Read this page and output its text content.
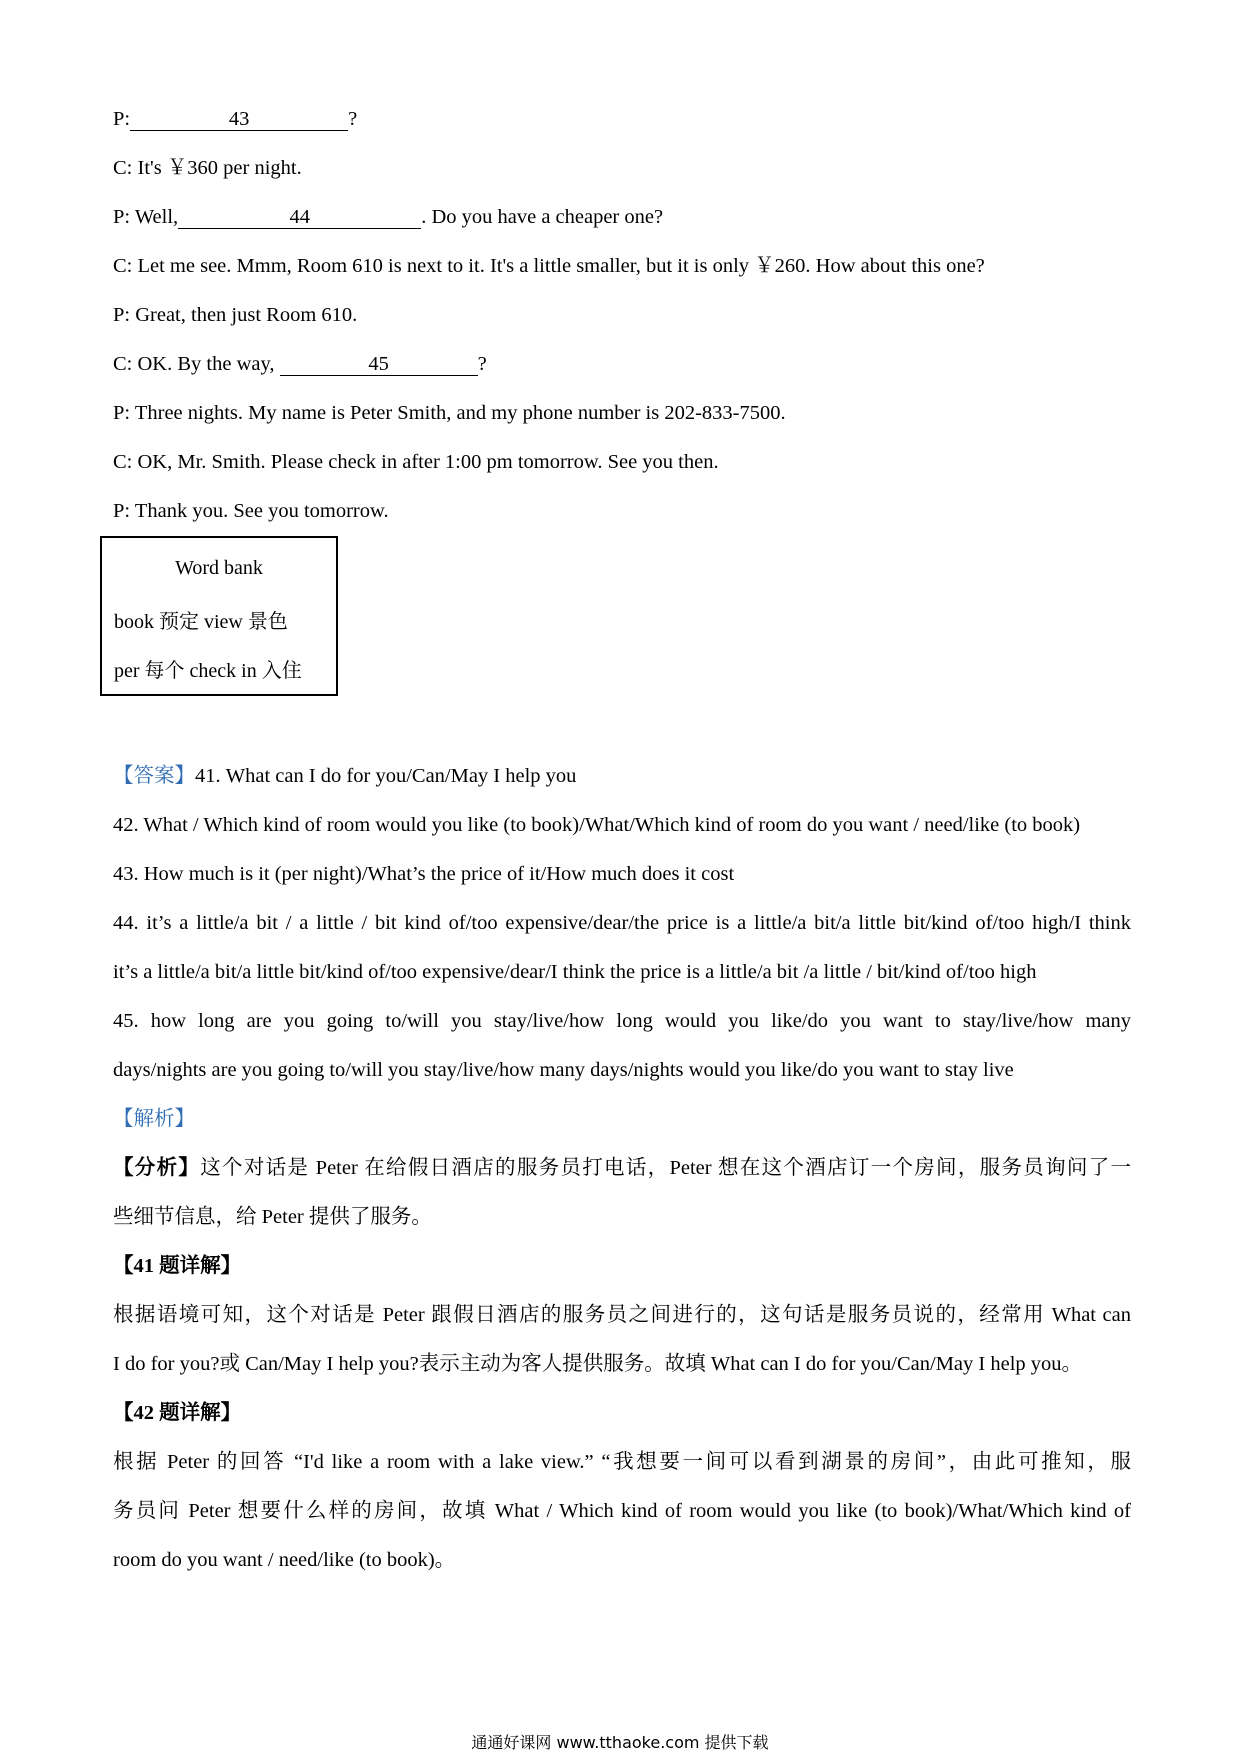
P:	43	?
C: It's ￥360 per night.
P: Well,	44	. Do you have a cheaper one?
C: Let me see. Mmm, Room 610 is next to it. It's a little smaller, but it is only ￥260. How about this one?
P: Great, then just Room 610.
C: OK. By the way,	45	?
P: Three nights. My name is Peter Smith, and my phone number is 202-833-7500.
C: OK, Mr. Smith. Please check in after 1:00 pm tomorrow. See you then.
P: Thank you. See you tomorrow.
Word bank
book 预定 view 景色
per 每个 check in 入住
【答案】41. What can I do for you/Can/May I help you
42. What / Which kind of room would you like (to book)/What/Which kind of room do you want / need/like (to book)
43. How much is it (per night)/What’s the price of it/How much does it cost
44. it’s a little/a bit / a little / bit kind of/too expensive/dear/the price is a little/a bit/a little bit/kind of/too high/I think
it’s a little/a bit/a little bit/kind of/too expensive/dear/I think the price is a little/a bit /a little / bit/kind of/too high
45. how long are you going to/will you stay/live/how long would you like/do you want to stay/live/how many
days/nights are you going to/will you stay/live/how many days/nights would you like/do you want to stay live
【解析】
【分析】这个对话是 Peter 在给假日酒店的服务员打电话，Peter 想在这个酒店订一个房间，服务员询问了一
些细节信息，给 Peter 提供了服务。
【41 题详解】
根据语境可知，这个对话是 Peter 跟假日酒店的服务员之间进行的，这句话是服务员说的，经常用 What can
I do for you?或 Can/May I help you?表示主动为客人提供服务。故填 What can I do for you/Can/May I help you。
【42 题详解】
根据 Peter 的回答 “I'd like a room with a lake view.” “我想要一间可以看到湖景的房间”，由此可推知，服
务员问 Peter 想要什么样的房间，故填 What / Which kind of room would you like (to book)/What/Which kind of
room do you want / need/like (to book)。
通通好课网 www.tthaoke.com 提供下载
